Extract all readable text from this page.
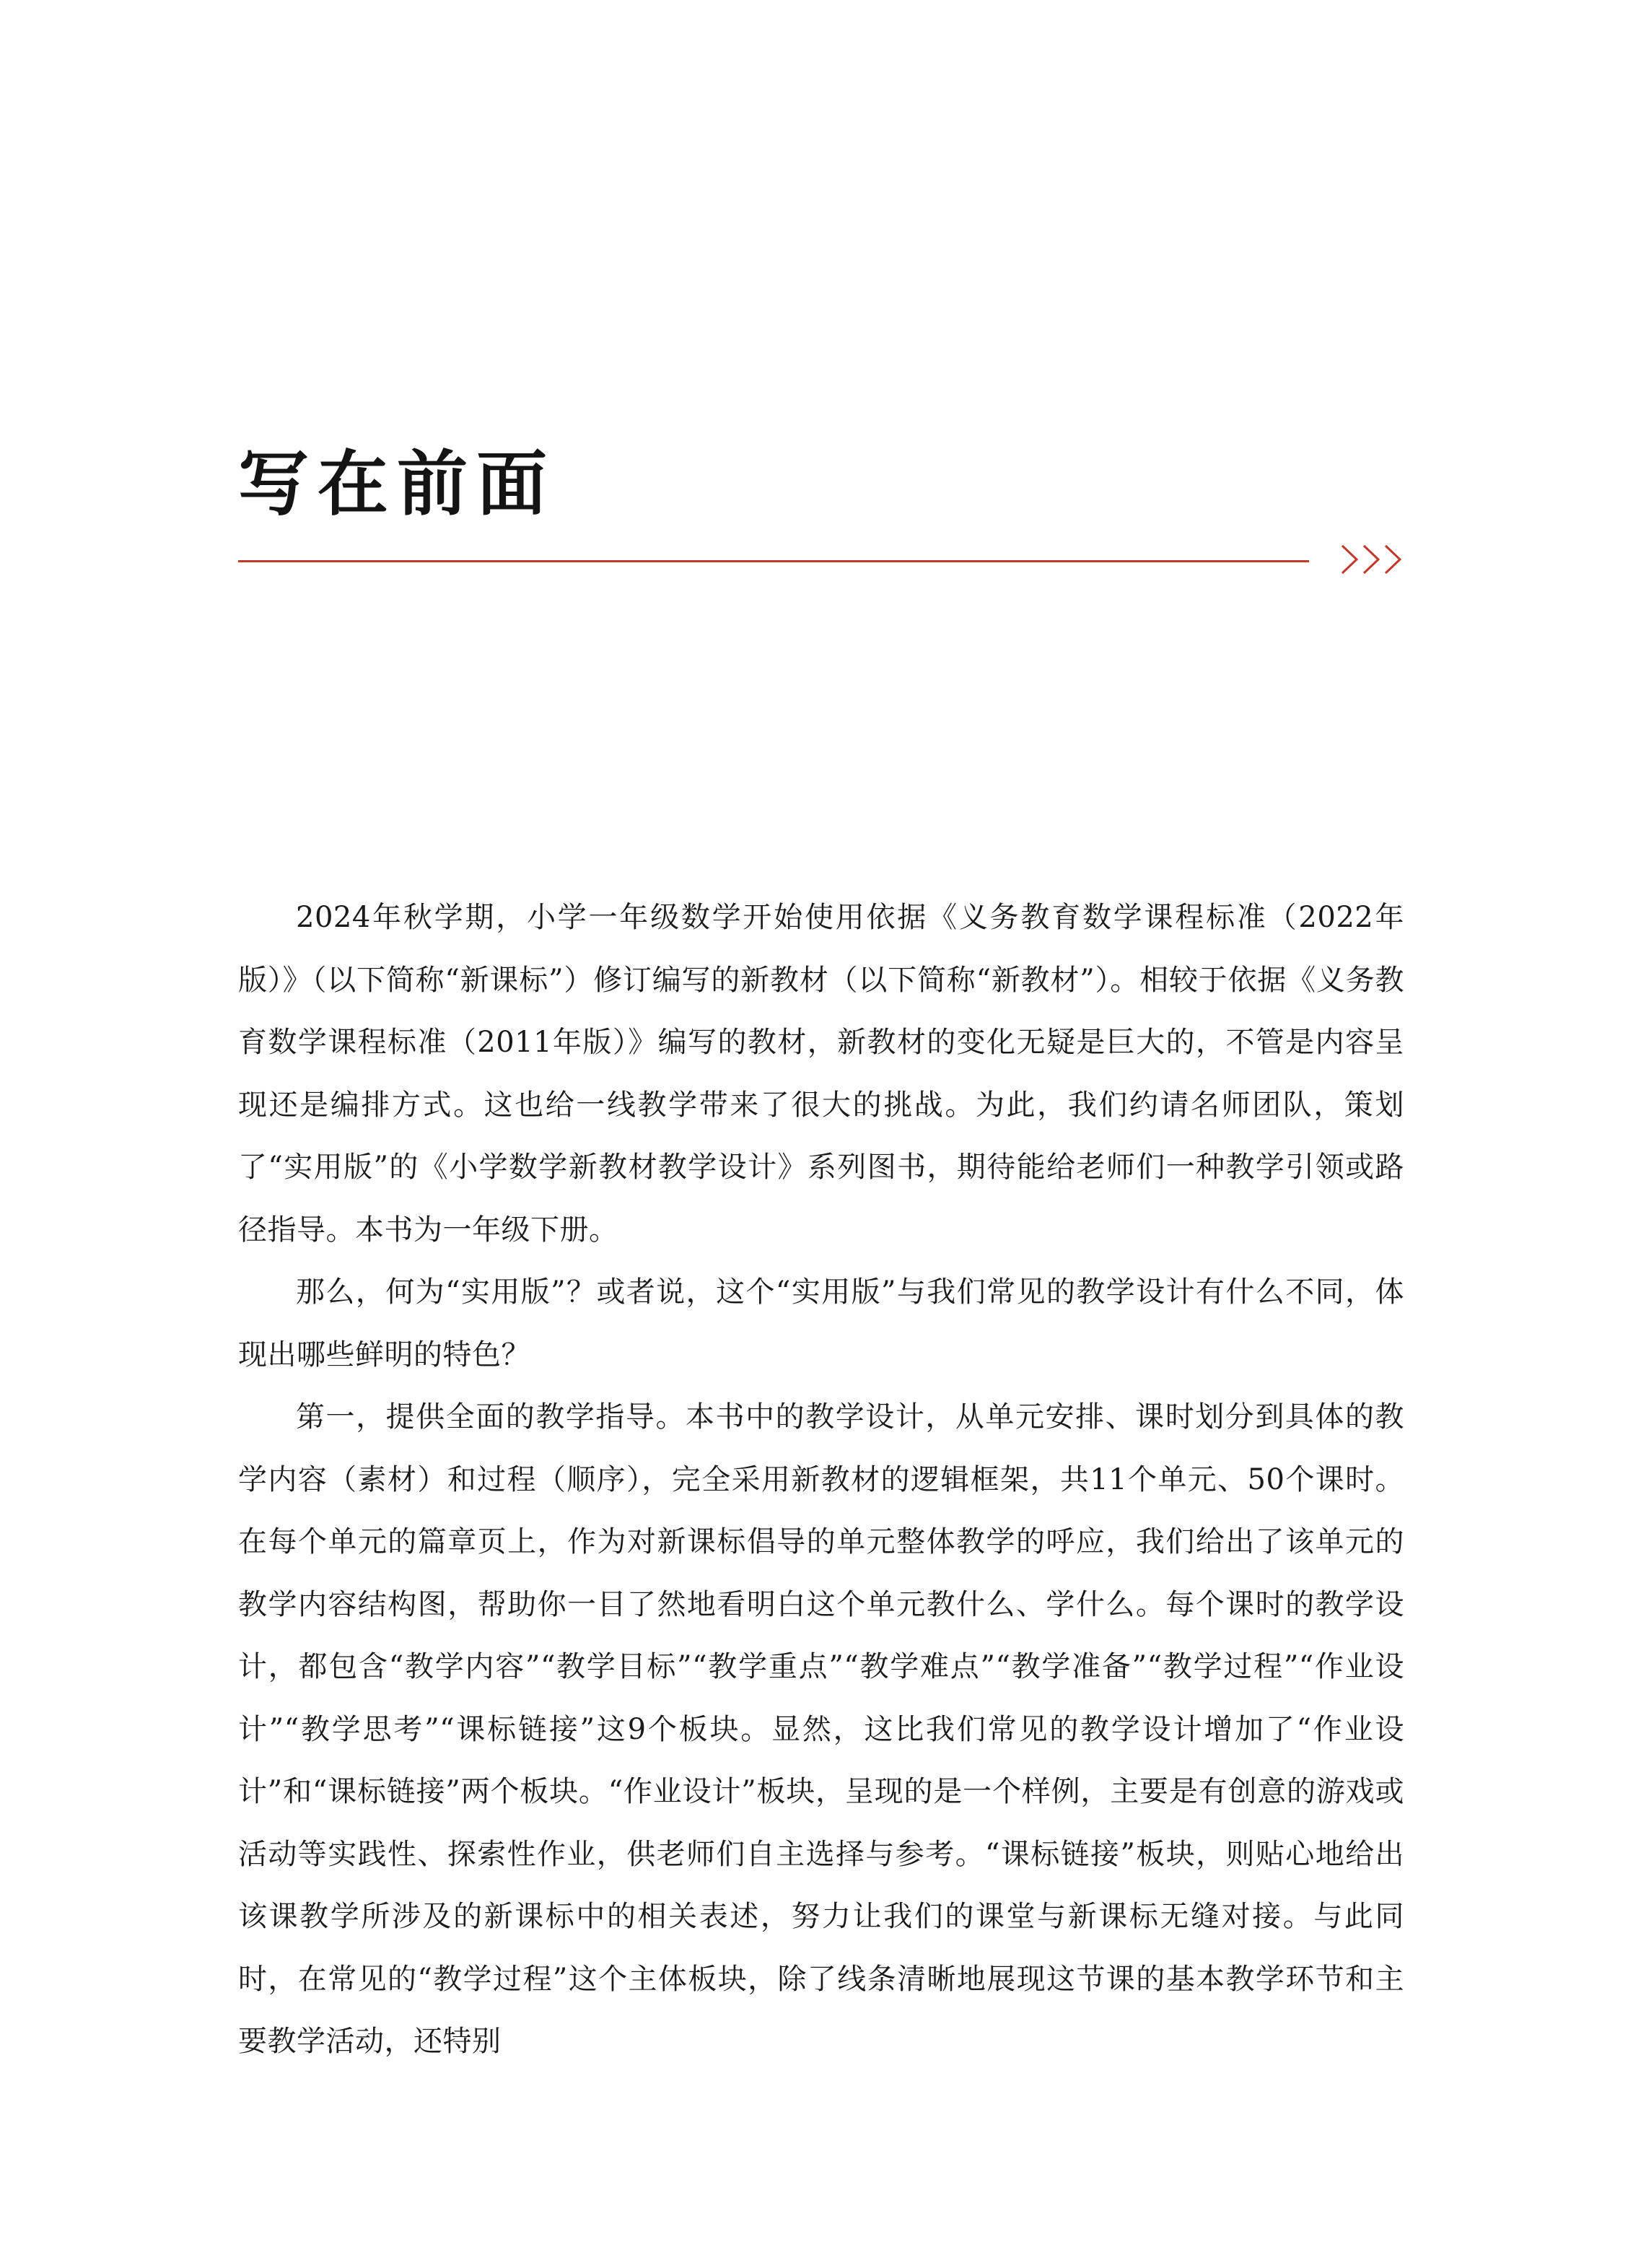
写在前面

2024年秋学期，小学一年级数学开始使用依据《义务教育数学课程标准（2022年版）》（以下简称“新课标”）修订编写的新教材（以下简称“新教材”）。相较于依据《义务教育数学课程标准（2011年版）》编写的教材，新教材的变化无疑是巨大的，不管是内容呈现还是编排方式。这也给一线教学带来了很大的挑战。为此，我们约请名师团队，策划了“实用版”的《小学数学新教材教学设计》系列图书，期待能给老师们一种教学引领或路径指导。本书为一年级下册。

那么，何为“实用版”？或者说，这个“实用版”与我们常见的教学设计有什么不同，体现出哪些鲜明的特色？

第一，提供全面的教学指导。本书中的教学设计，从单元安排、课时划分到具体的教学内容（素材）和过程（顺序），完全采用新教材的逻辑框架，共11个单元、50个课时。在每个单元的篇章页上，作为对新课标倡导的单元整体教学的呼应，我们给出了该单元的教学内容结构图，帮助你一目了然地看明白这个单元教什么、学什么。每个课时的教学设计，都包含“教学内容”“教学目标”“教学重点”“教学难点”“教学准备”“教学过程”“作业设计”“教学思考”“课标链接”这9个板块。显然，这比我们常见的教学设计增加了“作业设计”和“课标链接”两个板块。“作业设计”板块，呈现的是一个样例，主要是有创意的游戏或活动等实践性、探索性作业，供老师们自主选择与参考。“课标链接”板块，则贴心地给出该课教学所涉及的新课标中的相关表述，努力让我们的课堂与新课标无缝对接。与此同时，在常见的“教学过程”这个主体板块，除了线条清晰地展现这节课的基本教学环节和主要教学活动，还特别
